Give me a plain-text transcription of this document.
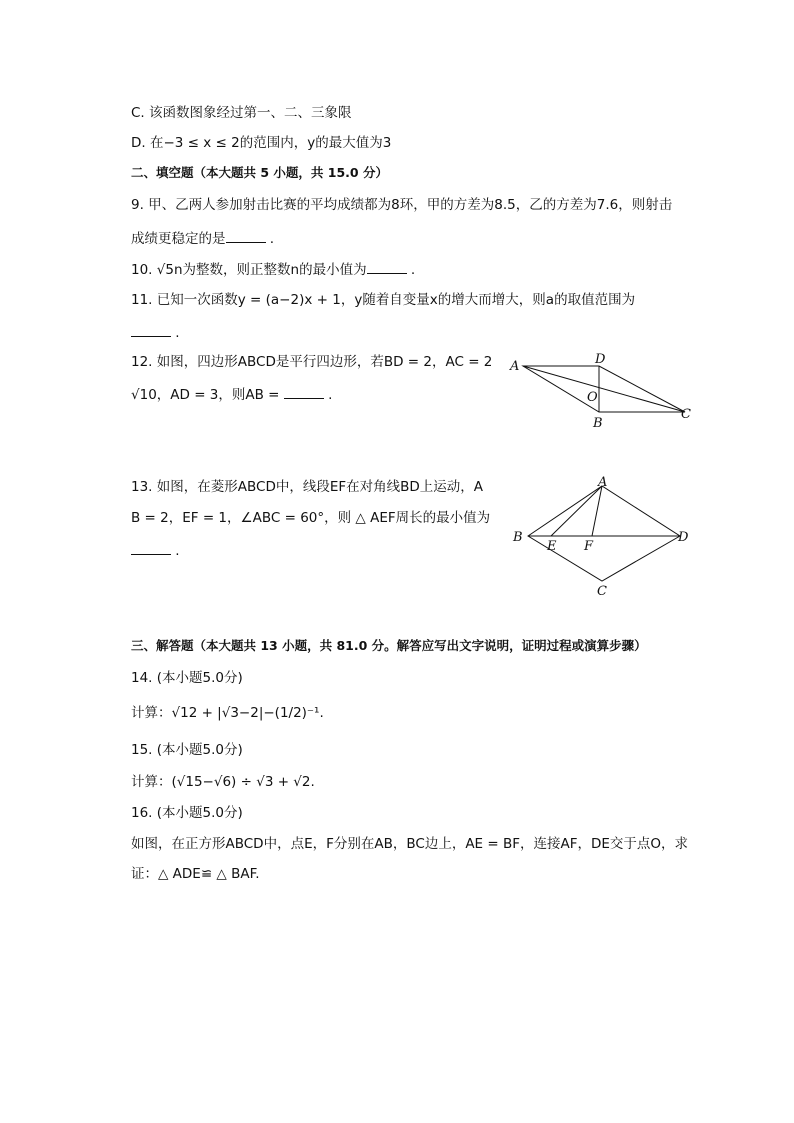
C. 该函数图象经过第一、二、三象限
D. 在−3 ≤ x ≤ 2的范围内，y的最大值为3
二、填空题（本大题共 5 小题，共 15.0 分）
9. 甲、乙两人参加射击比赛的平均成绩都为8环，甲的方差为8.5，乙的方差为7.6，则射击
成绩更稳定的是	.
10. √5n为整数，则正整数n的最小值为	.
11. 已知一次函数y = (a−2)x + 1，y随着自变量x的增大而增大，则a的取值范围为
.
12. 如图，四边形ABCD是平行四边形，若BD = 2，AC = 2
√10，AD = 3，则AB =	.
A	D
O
B
C
13. 如图，在菱形ABCD中，线段EF在对角线BD上运动，A
B = 2，EF = 1，∠ABC = 60°，则 △ AEF周长的最小值为
.
A
B
E F
D
C
三、解答题（本大题共 13 小题，共 81.0 分。解答应写出文字说明，证明过程或演算步骤）
14. (本小题5.0分)
计算：√12 + |√3−2|−(1/2)⁻¹.
15. (本小题5.0分)
计算：(√15−√6) ÷ √3 + √2.
16. (本小题5.0分)
如图，在正方形ABCD中，点E，F分别在AB，BC边上，AE = BF，连接AF，DE交于点O，求
证：△ ADE≌ △ BAF.
